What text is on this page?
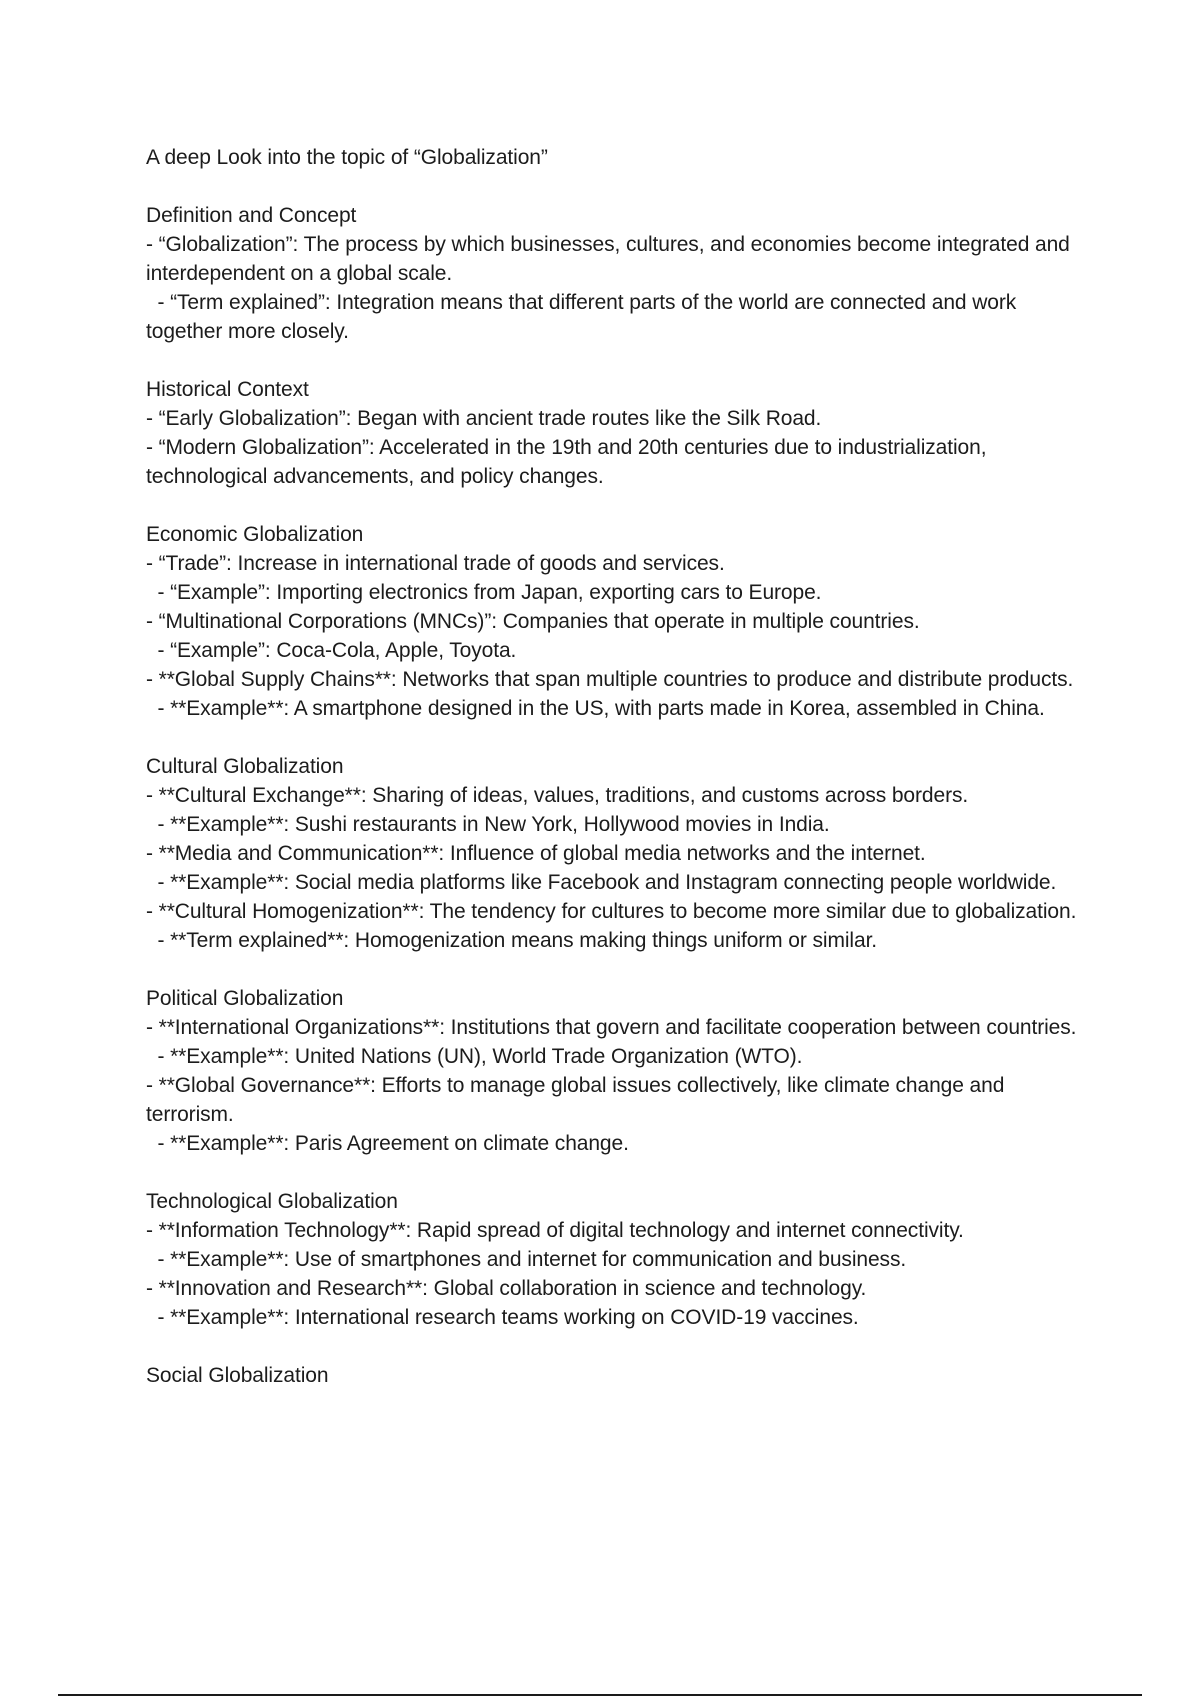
A deep Look into the topic of “Globalization”

Definition and Concept

- “Globalization”: The process by which businesses, cultures, and economies become integrated and interdependent on a global scale.
- “Term explained”: Integration means that different parts of the world are connected and work together more closely.

Historical Context

- “Early Globalization”: Began with ancient trade routes like the Silk Road.
- “Modern Globalization”: Accelerated in the 19th and 20th centuries due to industrialization, technological advancements, and policy changes.

Economic Globalization

- “Trade”: Increase in international trade of goods and services.
- “Example”: Importing electronics from Japan, exporting cars to Europe.
- “Multinational Corporations (MNCs)”: Companies that operate in multiple countries.
- “Example”: Coca-Cola, Apple, Toyota.
- **Global Supply Chains**: Networks that span multiple countries to produce and distribute products.
- **Example**: A smartphone designed in the US, with parts made in Korea, assembled in China.

Cultural Globalization

- **Cultural Exchange**: Sharing of ideas, values, traditions, and customs across borders.
- **Example**: Sushi restaurants in New York, Hollywood movies in India.
- **Media and Communication**: Influence of global media networks and the internet.
- **Example**: Social media platforms like Facebook and Instagram connecting people worldwide.
- **Cultural Homogenization**: The tendency for cultures to become more similar due to globalization.
- **Term explained**: Homogenization means making things uniform or similar.

Political Globalization

- **International Organizations**: Institutions that govern and facilitate cooperation between countries.
- **Example**: United Nations (UN), World Trade Organization (WTO).
- **Global Governance**: Efforts to manage global issues collectively, like climate change and terrorism.
- **Example**: Paris Agreement on climate change.

Technological Globalization

- **Information Technology**: Rapid spread of digital technology and internet connectivity.
- **Example**: Use of smartphones and internet for communication and business.
- **Innovation and Research**: Global collaboration in science and technology.
- **Example**: International research teams working on COVID-19 vaccines.

Social Globalization
